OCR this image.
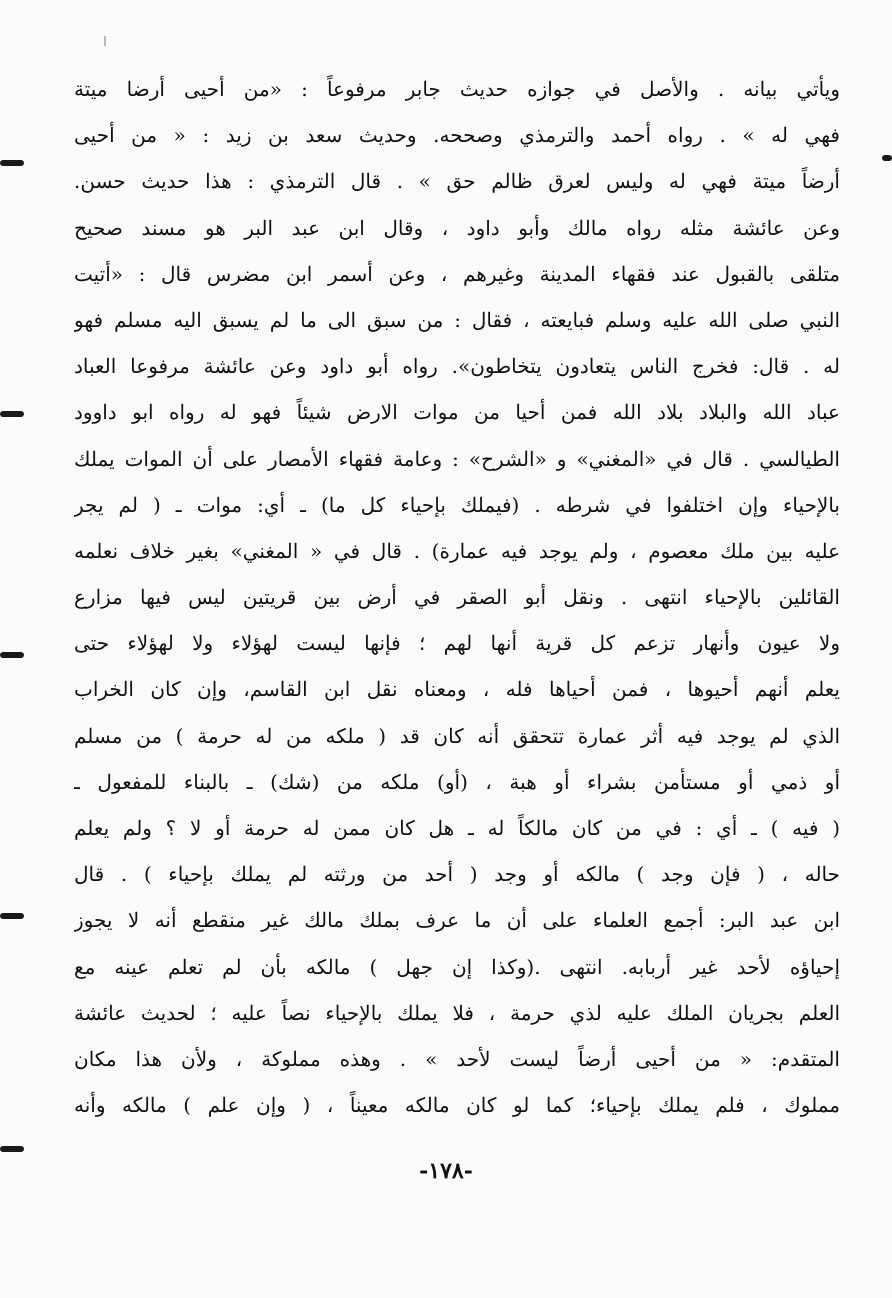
ويأتي بيانه . والأصل في جوازه حديث جابر مرفوعاً : «من أحيى أرضا ميتة
فهي له » . رواه أحمد والترمذي وصححه. وحديث سعد بن زيد : « من أحيى
أرضاً ميتة فهي له وليس لعرق ظالم حق » . قال الترمذي : هذا حديث حسن.
وعن عائشة مثله رواه مالك وأبو داود ، وقال ابن عبد البر هو مسند صحيح
متلقى بالقبول عند فقهاء المدينة وغيرهم ، وعن أسمر ابن مضرس قال : «أتيت
النبي صلى الله عليه وسلم فبايعته ، فقال : من سبق الى ما لم يسبق اليه مسلم فهو
له . قال: فخرج الناس يتعادون يتخاطون». رواه أبو داود وعن عائشة مرفوعا العباد
عباد الله والبلاد بلاد الله فمن أحيا من موات الارض شيئاً فهو له رواه ابو داوود
الطيالسي . قال في «المغني» و «الشرح» : وعامة فقهاء الأمصار على أن الموات يملك
بالإحياء وإن اختلفوا في شرطه . (فيملك بإحياء كل ما) ـ أي: موات ـ ( لم يجر
عليه بين ملك معصوم ، ولم يوجد فيه عمارة) . قال في « المغني» بغير خلاف نعلمه
القائلين بالإحياء انتهى . ونقل أبو الصقر في أرض بين قريتين ليس فيها مزارع
ولا عيون وأنهار تزعم كل قرية أنها لهم ؛ فإنها ليست لهؤلاء ولا لهؤلاء حتى
يعلم أنهم أحيوها ، فمن أحياها فله ، ومعناه نقل ابن القاسم، وإن كان الخراب
الذي لم يوجد فيه أثر عمارة تتحقق أنه كان قد ( ملكه من له حرمة ) من مسلم
أو ذمي أو مستأمن بشراء أو هبة ، (أو) ملكه من (شك) ـ بالبناء للمفعول ـ
( فيه ) ـ أي : في من كان مالكاً له ـ هل كان ممن له حرمة أو لا ؟ ولم يعلم
حاله ، ( فإن وجد ) مالكه أو وجد ( أحد من ورثته لم يملك بإحياء ) . قال
ابن عبد البر: أجمع العلماء على أن ما عرف بملك مالك غير منقطع أنه لا يجوز
إحياؤه لأحد غير أربابه. انتهى .(وكذا إن جهل ) مالكه بأن لم تعلم عينه مع
العلم بجريان الملك عليه لذي حرمة ، فلا يملك بالإحياء نصاً عليه ؛ لحديث عائشة
المتقدم: « من أحيى أرضاً ليست لأحد » . وهذه مملوكة ، ولأن هذا مكان
مملوك ، فلم يملك بإحياء؛ كما لو كان مالكه معيناً ، ( وإن علم ) مالكه وأنه
-١٧٨-
